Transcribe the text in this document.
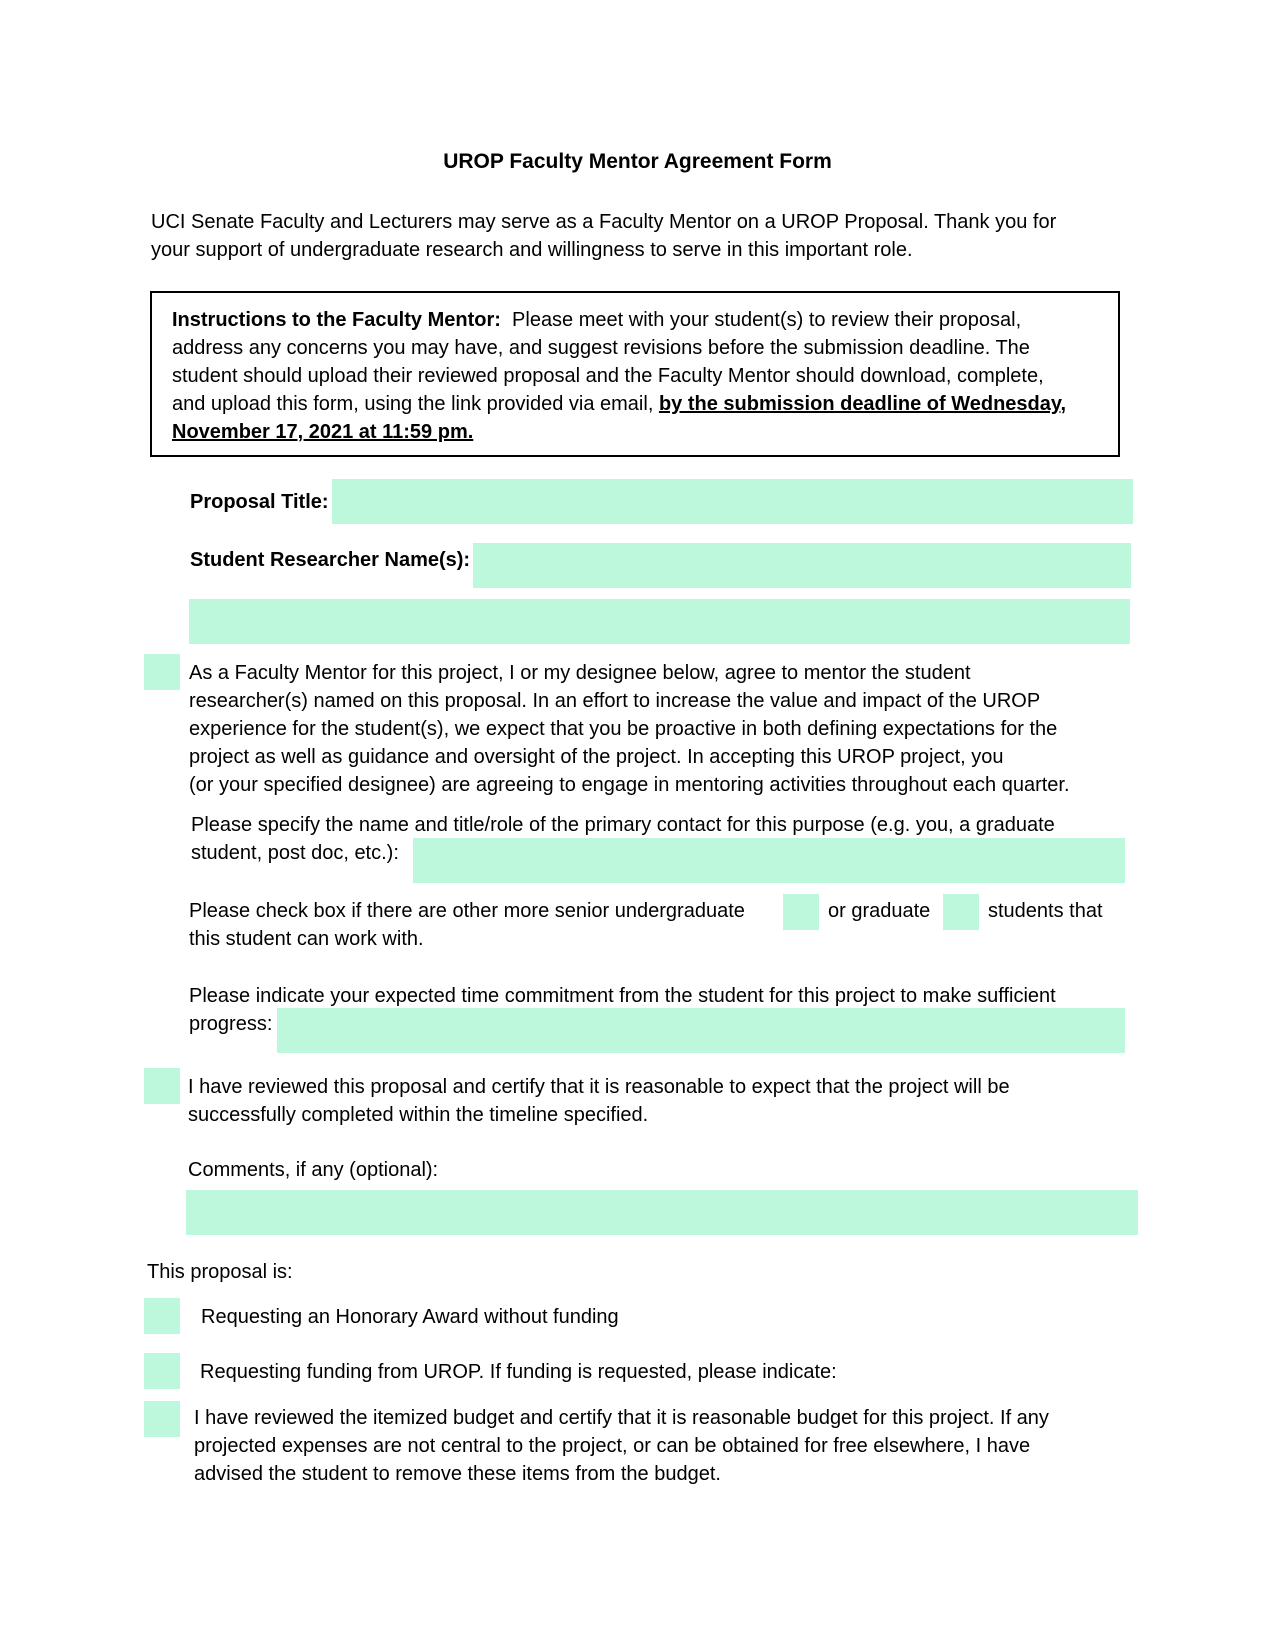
UROP Faculty Mentor Agreement Form
UCI Senate Faculty and Lecturers may serve as a Faculty Mentor on a UROP Proposal. Thank you for
your support of undergraduate research and willingness to serve in this important role.
Instructions to the Faculty Mentor: Please meet with your student(s) to review their proposal,
address any concerns you may have, and suggest revisions before the submission deadline. The
student should upload their reviewed proposal and the Faculty Mentor should download, complete,
and upload this form, using the link provided via email, by the submission deadline of Wednesday,
November 17, 2021 at 11:59 pm.
Proposal Title:
Student Researcher Name(s):
As a Faculty Mentor for this project, I or my designee below, agree to mentor the student
researcher(s) named on this proposal. In an effort to increase the value and impact of the UROP
experience for the student(s), we expect that you be proactive in both defining expectations for the
project as well as guidance and oversight of the project. In accepting this UROP project, you
(or your specified designee) are agreeing to engage in mentoring activities throughout each quarter.
Please specify the name and title/role of the primary contact for this purpose (e.g. you, a graduate
student, post doc, etc.):
Please check box if there are other more senior undergraduate	or graduate	students that
this student can work with.
Please indicate your expected time commitment from the student for this project to make sufficient
progress:
I have reviewed this proposal and certify that it is reasonable to expect that the project will be
successfully completed within the timeline specified.
Comments, if any (optional):
This proposal is:
Requesting an Honorary Award without funding
Requesting funding from UROP. If funding is requested, please indicate:
I have reviewed the itemized budget and certify that it is reasonable budget for this project. If any
projected expenses are not central to the project, or can be obtained for free elsewhere, I have
advised the student to remove these items from the budget.
